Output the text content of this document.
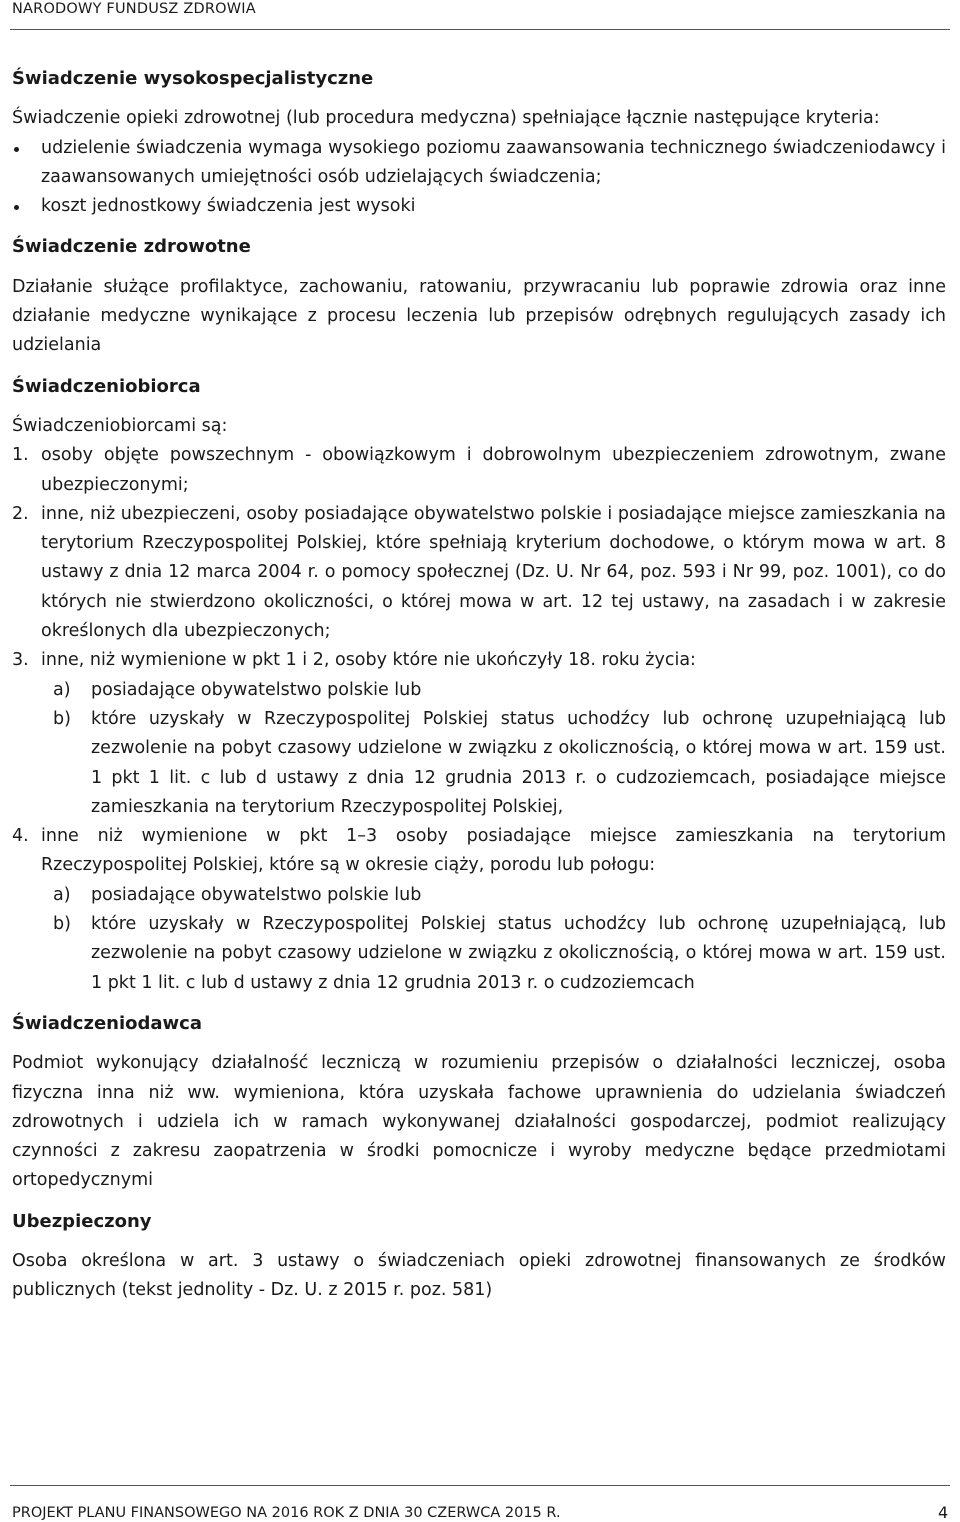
NARODOWY FUNDUSZ ZDROWIA

Świadczenie wysokospecjalistyczne

Świadczenie opieki zdrowotnej (lub procedura medyczna) spełniające łącznie następujące kryteria:

udzielenie świadczenia wymaga wysokiego poziomu zaawansowania technicznego świadczeniodawcy i zaawansowanych umiejętności osób udzielających świadczenia;
koszt jednostkowy świadczenia jest wysoki

Świadczenie zdrowotne

Działanie służące profilaktyce, zachowaniu, ratowaniu, przywracaniu lub poprawie zdrowia oraz inne działanie medyczne wynikające z procesu leczenia lub przepisów odrębnych regulujących zasady ich udzielania

Świadczeniobiorca

Świadczeniobiorcami są:

1. osoby objęte powszechnym - obowiązkowym i dobrowolnym ubezpieczeniem zdrowotnym, zwane ubezpieczonymi;
2. inne, niż ubezpieczeni, osoby posiadające obywatelstwo polskie i posiadające miejsce zamieszkania na terytorium Rzeczypospolitej Polskiej, które spełniają kryterium dochodowe, o którym mowa w art. 8 ustawy z dnia 12 marca 2004 r. o pomocy społecznej (Dz. U. Nr 64, poz. 593 i Nr 99, poz. 1001), co do których nie stwierdzono okoliczności, o której mowa w art. 12 tej ustawy, na zasadach i w zakresie określonych dla ubezpieczonych;
3. inne, niż wymienione w pkt 1 i 2, osoby które nie ukończyły 18. roku życia:
a) posiadające obywatelstwo polskie lub
b) które uzyskały w Rzeczypospolitej Polskiej status uchodźcy lub ochronę uzupełniającą lub zezwolenie na pobyt czasowy udzielone w związku z okolicznością, o której mowa w art. 159 ust. 1 pkt 1 lit. c lub d ustawy z dnia 12 grudnia 2013 r. o cudzoziemcach, posiadające miejsce zamieszkania na terytorium Rzeczypospolitej Polskiej,
4. inne niż wymienione w pkt 1–3 osoby posiadające miejsce zamieszkania na terytorium Rzeczypospolitej Polskiej, które są w okresie ciąży, porodu lub połogu:
a) posiadające obywatelstwo polskie lub
b) które uzyskały w Rzeczypospolitej Polskiej status uchodźcy lub ochronę uzupełniającą, lub zezwolenie na pobyt czasowy udzielone w związku z okolicznością, o której mowa w art. 159 ust. 1 pkt 1 lit. c lub d ustawy z dnia 12 grudnia 2013 r. o cudzoziemcach

Świadczeniodawca

Podmiot wykonujący działalność leczniczą w rozumieniu przepisów o działalności leczniczej, osoba fizyczna inna niż ww. wymieniona, która uzyskała fachowe uprawnienia do udzielania świadczeń zdrowotnych i udziela ich w ramach wykonywanej działalności gospodarczej, podmiot realizujący czynności z zakresu zaopatrzenia w środki pomocnicze i wyroby medyczne będące przedmiotami ortopedycznymi

Ubezpieczony

Osoba określona w art. 3 ustawy o świadczeniach opieki zdrowotnej finansowanych ze środków publicznych (tekst jednolity - Dz. U. z 2015 r. poz. 581)

PROJEKT PLANU FINANSOWEGO NA 2016 ROK Z DNIA 30 CZERWCA 2015 R.	4
